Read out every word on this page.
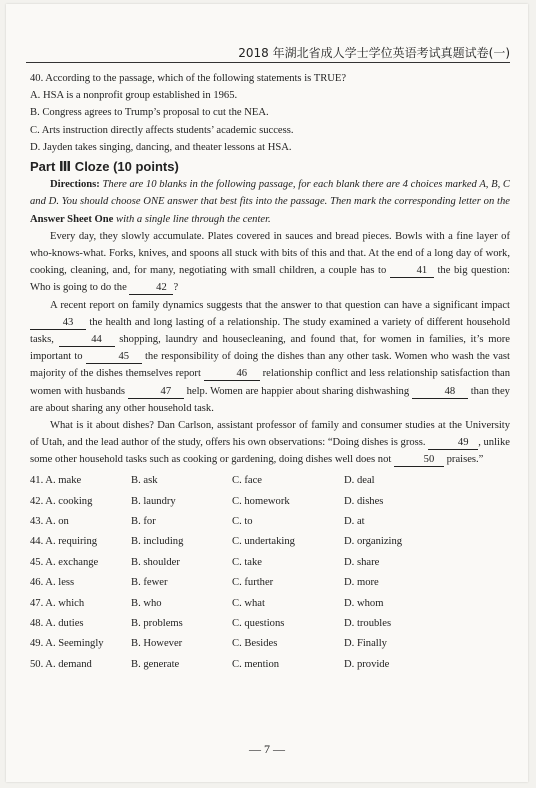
2018 年湖北省成人学士学位英语考试真题试卷(一)
40. According to the passage, which of the following statements is TRUE?
A. HSA is a nonprofit group established in 1965.
B. Congress agrees to Trump’s proposal to cut the NEA.
C. Arts instruction directly affects students’ academic success.
D. Jayden takes singing, dancing, and theater lessons at HSA.
Part Ⅲ Cloze (10 points)
Directions: There are 10 blanks in the following passage, for each blank there are 4 choices marked A, B, C and D. You should choose ONE answer that best fits into the passage. Then mark the corresponding letter on the Answer Sheet One with a single line through the center.
Every day, they slowly accumulate. Plates covered in sauces and bread pieces. Bowls with a fine layer of who-knows-what. Forks, knives, and spoons all stuck with bits of this and that. At the end of a long day of work, cooking, cleaning, and, for many, negotiating with small children, a couple has to	41 the big question: Who is going to do the	42 ?
A recent report on family dynamics suggests that the answer to that question can have a significant impact 43 the health and long lasting of a relationship. The study examined a variety of different household tasks,	44 shopping, laundry and housecleaning, and found that, for women in families, it’s more important to	45 the responsibility of doing the dishes than any other task. Women who wash the vast majority of the dishes themselves report	46 relationship conflict and less relationship satisfaction than women with husbands	47 help. Women are happier about sharing dishwashing	48 than they are about sharing any other household task.
What is it about dishes? Dan Carlson, assistant professor of family and consumer studies at the University of Utah, and the lead author of the study, offers his own observations: “Doing dishes is gross.	49 , unlike some other household tasks such as cooking or gardening, doing dishes well does not	50 praises.”
41. A. make	B. ask	C. face	D. deal
42. A. cooking	B. laundry	C. homework	D. dishes
43. A. on	B. for	C. to	D. at
44. A. requiring	B. including	C. undertaking	D. organizing
45. A. exchange	B. shoulder	C. take	D. share
46. A. less	B. fewer	C. further	D. more
47. A. which	B. who	C. what	D. whom
48. A. duties	B. problems	C. questions	D. troubles
49. A. Seemingly	B. However	C. Besides	D. Finally
50. A. demand	B. generate	C. mention	D. provide
— 7 —
